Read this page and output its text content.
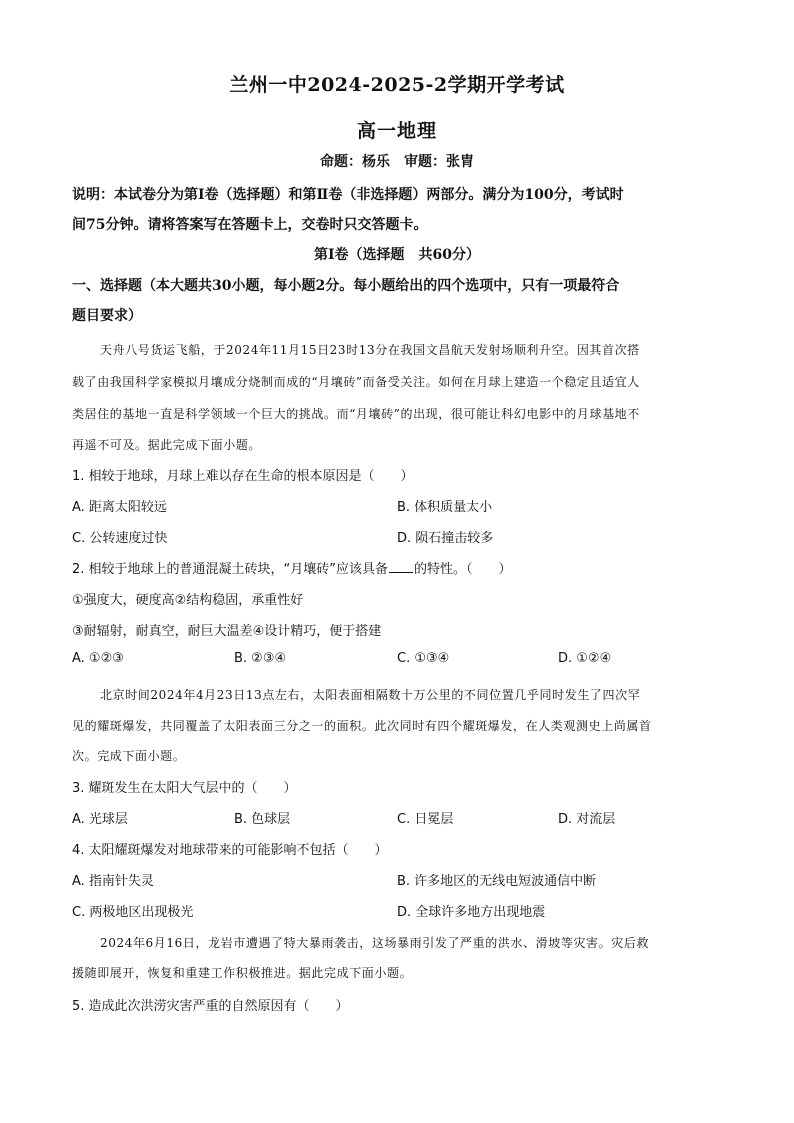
兰州一中2024-2025-2学期开学考试
高一地理
命题：杨乐　审题：张胄
说明：本试卷分为第Ⅰ卷（选择题）和第Ⅱ卷（非选择题）两部分。满分为100分，考试时
间75分钟。请将答案写在答题卡上，交卷时只交答题卡。
第Ⅰ卷（选择题　共60分）
一、选择题（本大题共30小题，每小题2分。每小题给出的四个选项中，只有一项最符合
题目要求）
天舟八号货运飞船，于2024年11月15日23时13分在我国文昌航天发射场顺利升空。因其首次搭
载了由我国科学家模拟月壤成分烧制而成的“月壤砖”而备受关注。如何在月球上建造一个稳定且适宜人
类居住的基地一直是科学领域一个巨大的挑战。而“月壤砖”的出现，很可能让科幻电影中的月球基地不
再遥不可及。据此完成下面小题。
1. 相较于地球，月球上难以存在生命的根本原因是（　　）
A. 距离太阳较远	B. 体积质量太小
C. 公转速度过快	D. 陨石撞击较多
2. 相较于地球上的普通混凝土砖块，“月壤砖”应该具备 的特性。（　　）
①强度大，硬度高②结构稳固，承重性好
③耐辐射，耐真空，耐巨大温差④设计精巧，便于搭建
A. ①②③	B. ②③④	C. ①③④	D. ①②④
北京时间2024年4月23日13点左右，太阳表面相隔数十万公里的不同位置几乎同时发生了四次罕
见的耀斑爆发，共同覆盖了太阳表面三分之一的面积。此次同时有四个耀斑爆发，在人类观测史上尚属首
次。完成下面小题。
3. 耀斑发生在太阳大气层中的（　　）
A. 光球层	B. 色球层	C. 日冕层	D. 对流层
4. 太阳耀斑爆发对地球带来的可能影响不包括（　　）
A. 指南针失灵	B. 许多地区的无线电短波通信中断
C. 两极地区出现极光	D. 全球许多地方出现地震
2024年6月16日，龙岩市遭遇了特大暴雨袭击，这场暴雨引发了严重的洪水、滑坡等灾害。灾后救
援随即展开，恢复和重建工作积极推进。据此完成下面小题。
5. 造成此次洪涝灾害严重的自然原因有（　　）
